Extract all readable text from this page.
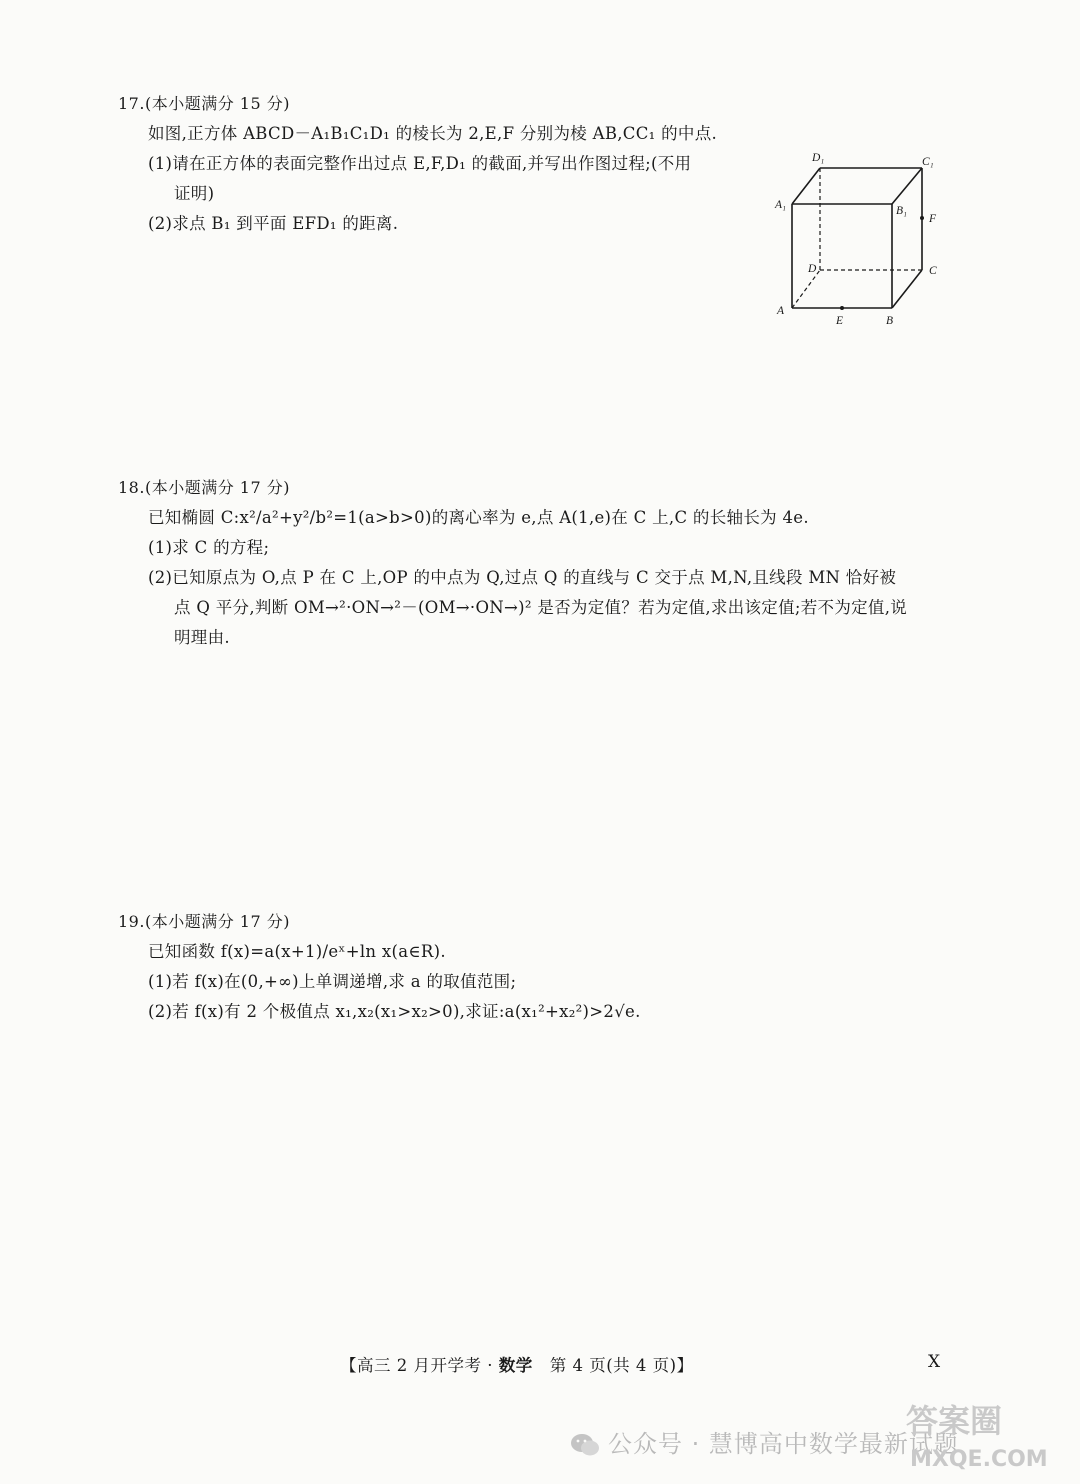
17.(本小题满分 15 分)
如图,正方体 ABCD－A₁B₁C₁D₁ 的棱长为 2,E,F 分别为棱 AB,CC₁ 的中点.
(1)请在正方体的表面完整作出过点 E,F,D₁ 的截面,并写出作图过程;(不用
证明)
(2)求点 B₁ 到平面 EFD₁ 的距离.
D₁	C₁
A₁	B₁
F
D	C
A
E	B
18.(本小题满分 17 分)
已知椭圆 C:x²/a²+y²/b²=1(a>b>0)的离心率为 e,点 A(1,e)在 C 上,C 的长轴长为 4e.
(1)求 C 的方程;
(2)已知原点为 O,点 P 在 C 上,OP 的中点为 Q,过点 Q 的直线与 C 交于点 M,N,且线段 MN 恰好被
点 Q 平分,判断 OM→²·ON→²－(OM→·ON→)² 是否为定值？若为定值,求出该定值;若不为定值,说
明理由.
19.(本小题满分 17 分)
已知函数 f(x)=a(x+1)/eˣ+ln x(a∈R).
(1)若 f(x)在(0,+∞)上单调递增,求 a 的取值范围;
(2)若 f(x)有 2 个极值点 x₁,x₂(x₁>x₂>0),求证:a(x₁²+x₂²)>2√e.
【高三 2 月开学考 · 数学　第 4 页(共 4 页)】	X
公众号 · 慧博高中数学最新试题
答案圈
MXQE.COM
